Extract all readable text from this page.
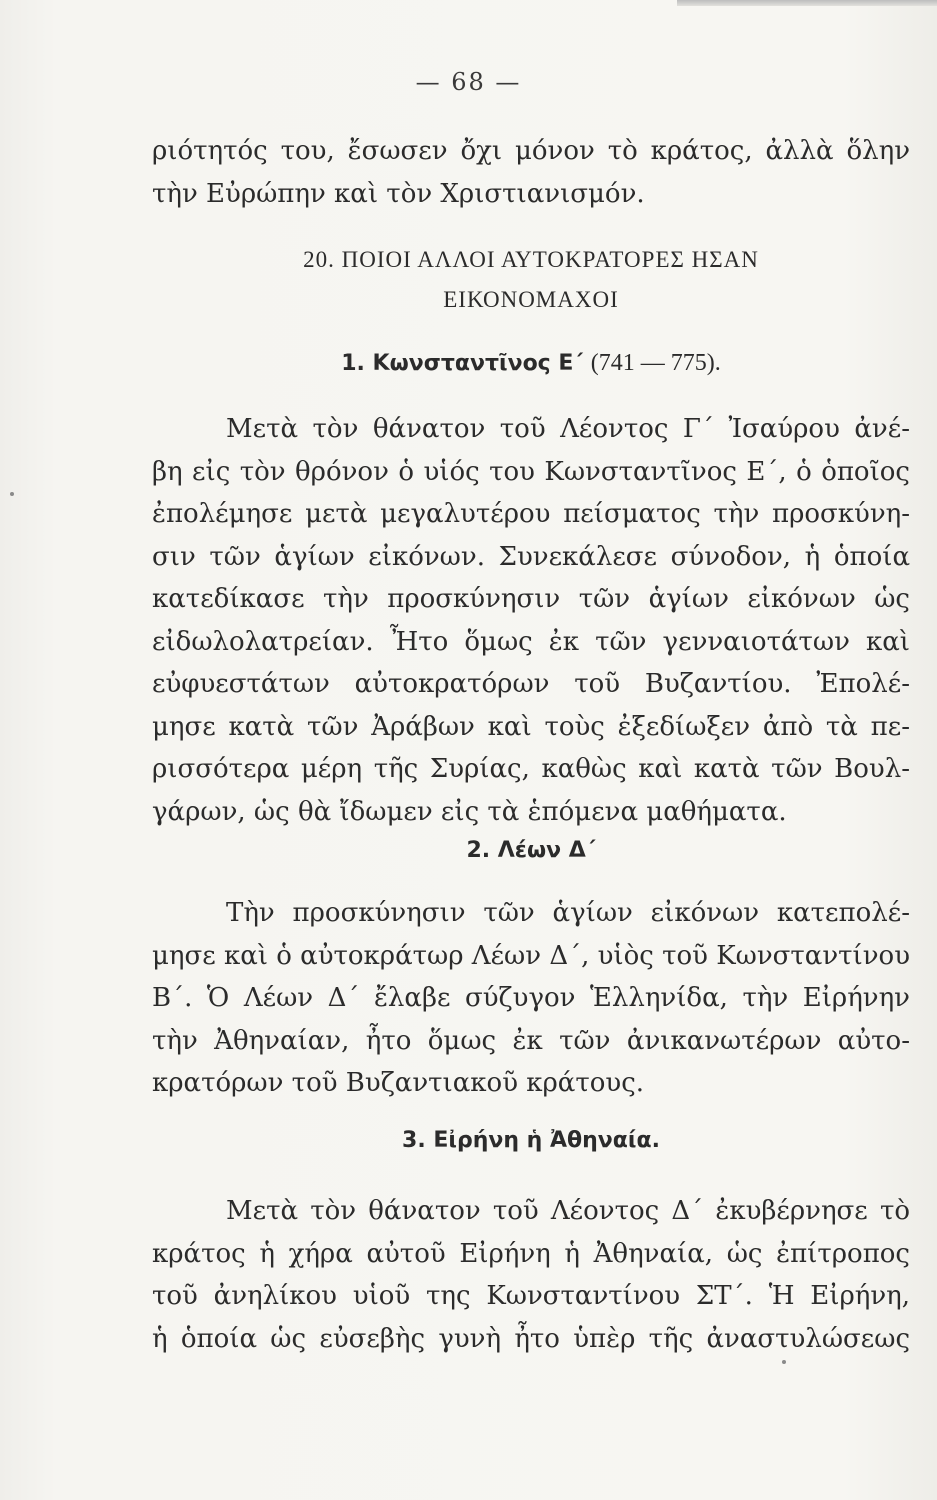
— 68 —
ριότητός του, ἔσωσεν ὄχι μόνον τὸ κράτος, ἀλλὰ ὅλην
τὴν Εὐρώπην καὶ τὸν Χριστιανισμόν.
20. ΠΟΙΟΙ ΑΛΛΟΙ ΑΥΤΟΚΡΑΤΟΡΕΣ ΗΣΑΝ
ΕΙΚΟΝΟΜΑΧΟΙ
1. Κωνσταντῖνος Ε΄ (741 — 775).
Μετὰ τὸν θάνατον τοῦ Λέοντος Γ΄ Ἰσαύρου ἀνέ-
βη εἰς τὸν θρόνον ὁ υἱός του Κωνσταντῖνος Ε΄, ὁ ὁποῖος
ἐπολέμησε μετὰ μεγαλυτέρου πείσματος τὴν προσκύνη-
σιν τῶν ἁγίων εἰκόνων. Συνεκάλεσε σύνοδον, ἡ ὁποία
κατεδίκασε τὴν προσκύνησιν τῶν ἁγίων εἰκόνων ὡς
εἰδωλολατρείαν. Ἦτο ὅμως ἐκ τῶν γενναιοτάτων καὶ
εὐφυεστάτων αὐτοκρατόρων τοῦ Βυζαντίου. Ἐπολέ-
μησε κατὰ τῶν Ἀράβων καὶ τοὺς ἐξεδίωξεν ἀπὸ τὰ πε-
ρισσότερα μέρη τῆς Συρίας, καθὼς καὶ κατὰ τῶν Βουλ-
γάρων, ὡς θὰ ἴδωμεν εἰς τὰ ἑπόμενα μαθήματα.
2. Λέων Δ΄
Τὴν προσκύνησιν τῶν ἁγίων εἰκόνων κατεπολέ-
μησε καὶ ὁ αὐτοκράτωρ Λέων Δ΄, υἱὸς τοῦ Κωνσταντίνου
Β΄. Ὁ Λέων Δ΄ ἔλαβε σύζυγον Ἑλληνίδα, τὴν Εἰρήνην
τὴν Ἀθηναίαν, ἦτο ὅμως ἐκ τῶν ἀνικανωτέρων αὐτο-
κρατόρων τοῦ Βυζαντιακοῦ κράτους.
3. Εἰρήνη ἡ Ἀθηναία.
Μετὰ τὸν θάνατον τοῦ Λέοντος Δ΄ ἐκυβέρνησε τὸ
κράτος ἡ χήρα αὐτοῦ Εἰρήνη ἡ Ἀθηναία, ὡς ἐπίτροπος
τοῦ ἀνηλίκου υἱοῦ της Κωνσταντίνου ΣΤ΄. Ἡ Εἰρήνη,
ἡ ὁποία ὡς εὐσεβὴς γυνὴ ἦτο ὑπὲρ τῆς ἀναστυλώσεως
